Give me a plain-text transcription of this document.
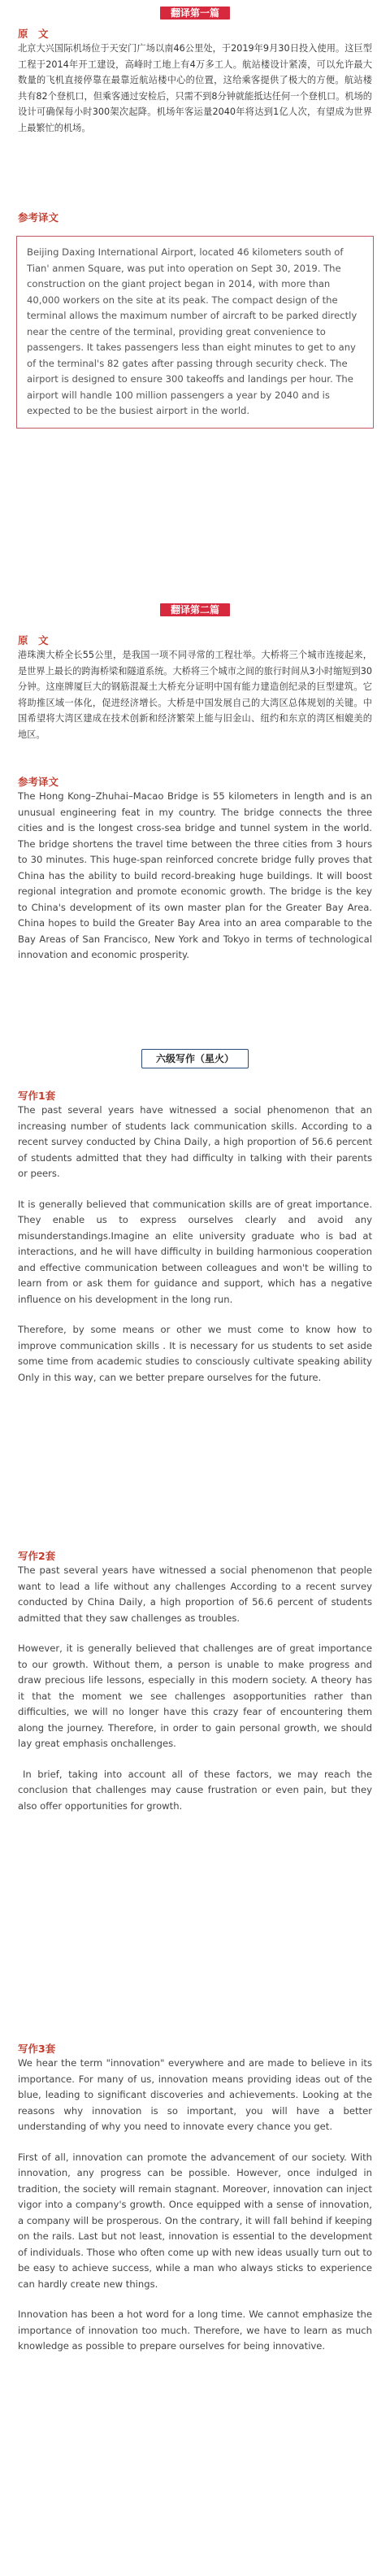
翻译第一篇
原　文
北京大兴国际机场位于天安门广场以南46公里处，于2019年9月30日投入使用。这巨型工程于2014年开工建设，高峰时工地上有4万多工人。航站楼设计紧凑，可以允许最大数量的飞机直接停靠在最靠近航站楼中心的位置，这给乘客提供了极大的方便。航站楼共有82个登机口，但乘客通过安检后，只需不到8分钟就能抵达任何一个登机口。机场的设计可确保每小时300架次起降。机场年客运量2040年将达到1亿人次，有望成为世界上最繁忙的机场。
参考译文
Beijing Daxing International Airport, located 46 kilometers south of Tian' anmen Square, was put into operation on Sept 30, 2019. The construction on the giant project began in 2014, with more than 40,000 workers on the site at its peak. The compact design of the terminal allows the maximum number of aircraft to be parked directly near the centre of the terminal, providing great convenience to passengers. It takes passengers less than eight minutes to get to any of the terminal's 82 gates after passing through security check. The airport is designed to ensure 300 takeoffs and landings per hour. The airport will handle 100 million passengers a year by 2040 and is expected to be the busiest airport in the world.
翻译第二篇
原　文
港珠澳大桥全长55公里，是我国一项不同寻常的工程壮举。大桥将三个城市连接起来，是世界上最长的跨海桥梁和隧道系统。大桥将三个城市之间的旅行时间从3小时缩短到30分钟。这座牌厦巨大的钢筋混凝土大桥充分证明中国有能力建造创纪录的巨型建筑。它将助推区域一体化，促进经济增长。大桥是中国发展自己的大湾区总体规划的关键。中国希望将大湾区建成在技术创新和经济繁荣上能与旧金山、纽约和东京的湾区相媲美的地区。
参考译文
The Hong Kong–Zhuhai–Macao Bridge is 55 kilometers in length and is an unusual engineering feat in my country. The bridge connects the three cities and is the longest cross-sea bridge and tunnel system in the world. The bridge shortens the travel time between the three cities from 3 hours to 30 minutes. This huge-span reinforced concrete bridge fully proves that China has the ability to build record-breaking huge buildings. It will boost regional integration and promote economic growth. The bridge is the key to China's development of its own master plan for the Greater Bay Area. China hopes to build the Greater Bay Area into an area comparable to the Bay Areas of San Francisco, New York and Tokyo in terms of technological innovation and economic prosperity.
六级写作（星火）
写作1套
The past several years have witnessed a social phenomenon that an increasing number of students lack communication skills. According to a recent survey conducted by China Daily, a high proportion of 56.6 percent of students admitted that they had difficulty in talking with their parents or peers.
It is generally believed that communication skills are of great importance. They enable us to express ourselves clearly and avoid any misunderstandings.Imagine an elite university graduate who is bad at interactions, and he will have difficulty in building harmonious cooperation and effective communication between colleagues and won't be willing to learn from or ask them for guidance and support, which has a negative influence on his development in the long run.
Therefore, by some means or other we must come to know how to improve communication skills . It is necessary for us students to set aside some time from academic studies to consciously cultivate speaking ability Only in this way, can we better prepare ourselves for the future.
写作2套
The past several years have witnessed a social phenomenon that people want to lead a life without any challenges According to a recent survey conducted by China Daily, a high proportion of 56.6 percent of students admitted that they saw challenges as troubles.
However, it is generally believed that challenges are of great importance to our growth. Without them, a person is unable to make progress and draw precious life lessons, especially in this modern society. A theory has it that the moment we see challenges asopportunities rather than difficulties, we will no longer have this crazy fear of encountering them along the journey. Therefore, in order to gain personal growth, we should lay great emphasis onchallenges.
In brief, taking into account all of these factors, we may reach the conclusion that challenges may cause frustration or even pain, but they also offer opportunities for growth.
写作3套
We hear the term "innovation" everywhere and are made to believe in its importance. For many of us, innovation means providing ideas out of the blue, leading to significant discoveries and achievements. Looking at the reasons why innovation is so important, you will have a better understanding of why you need to innovate every chance you get.
First of all, innovation can promote the advancement of our society. With innovation, any progress can be possible. However, once indulged in tradition, the society will remain stagnant. Moreover, innovation can inject vigor into a company's growth. Once equipped with a sense of innovation, a company will be prosperous. On the contrary, it will fall behind if keeping on the rails. Last but not least, innovation is essential to the development of individuals. Those who often come up with new ideas usually turn out to be easy to achieve success, while a man who always sticks to experience can hardly create new things.
Innovation has been a hot word for a long time. We cannot emphasize the importance of innovation too much. Therefore, we have to learn as much knowledge as possible to prepare ourselves for being innovative.
